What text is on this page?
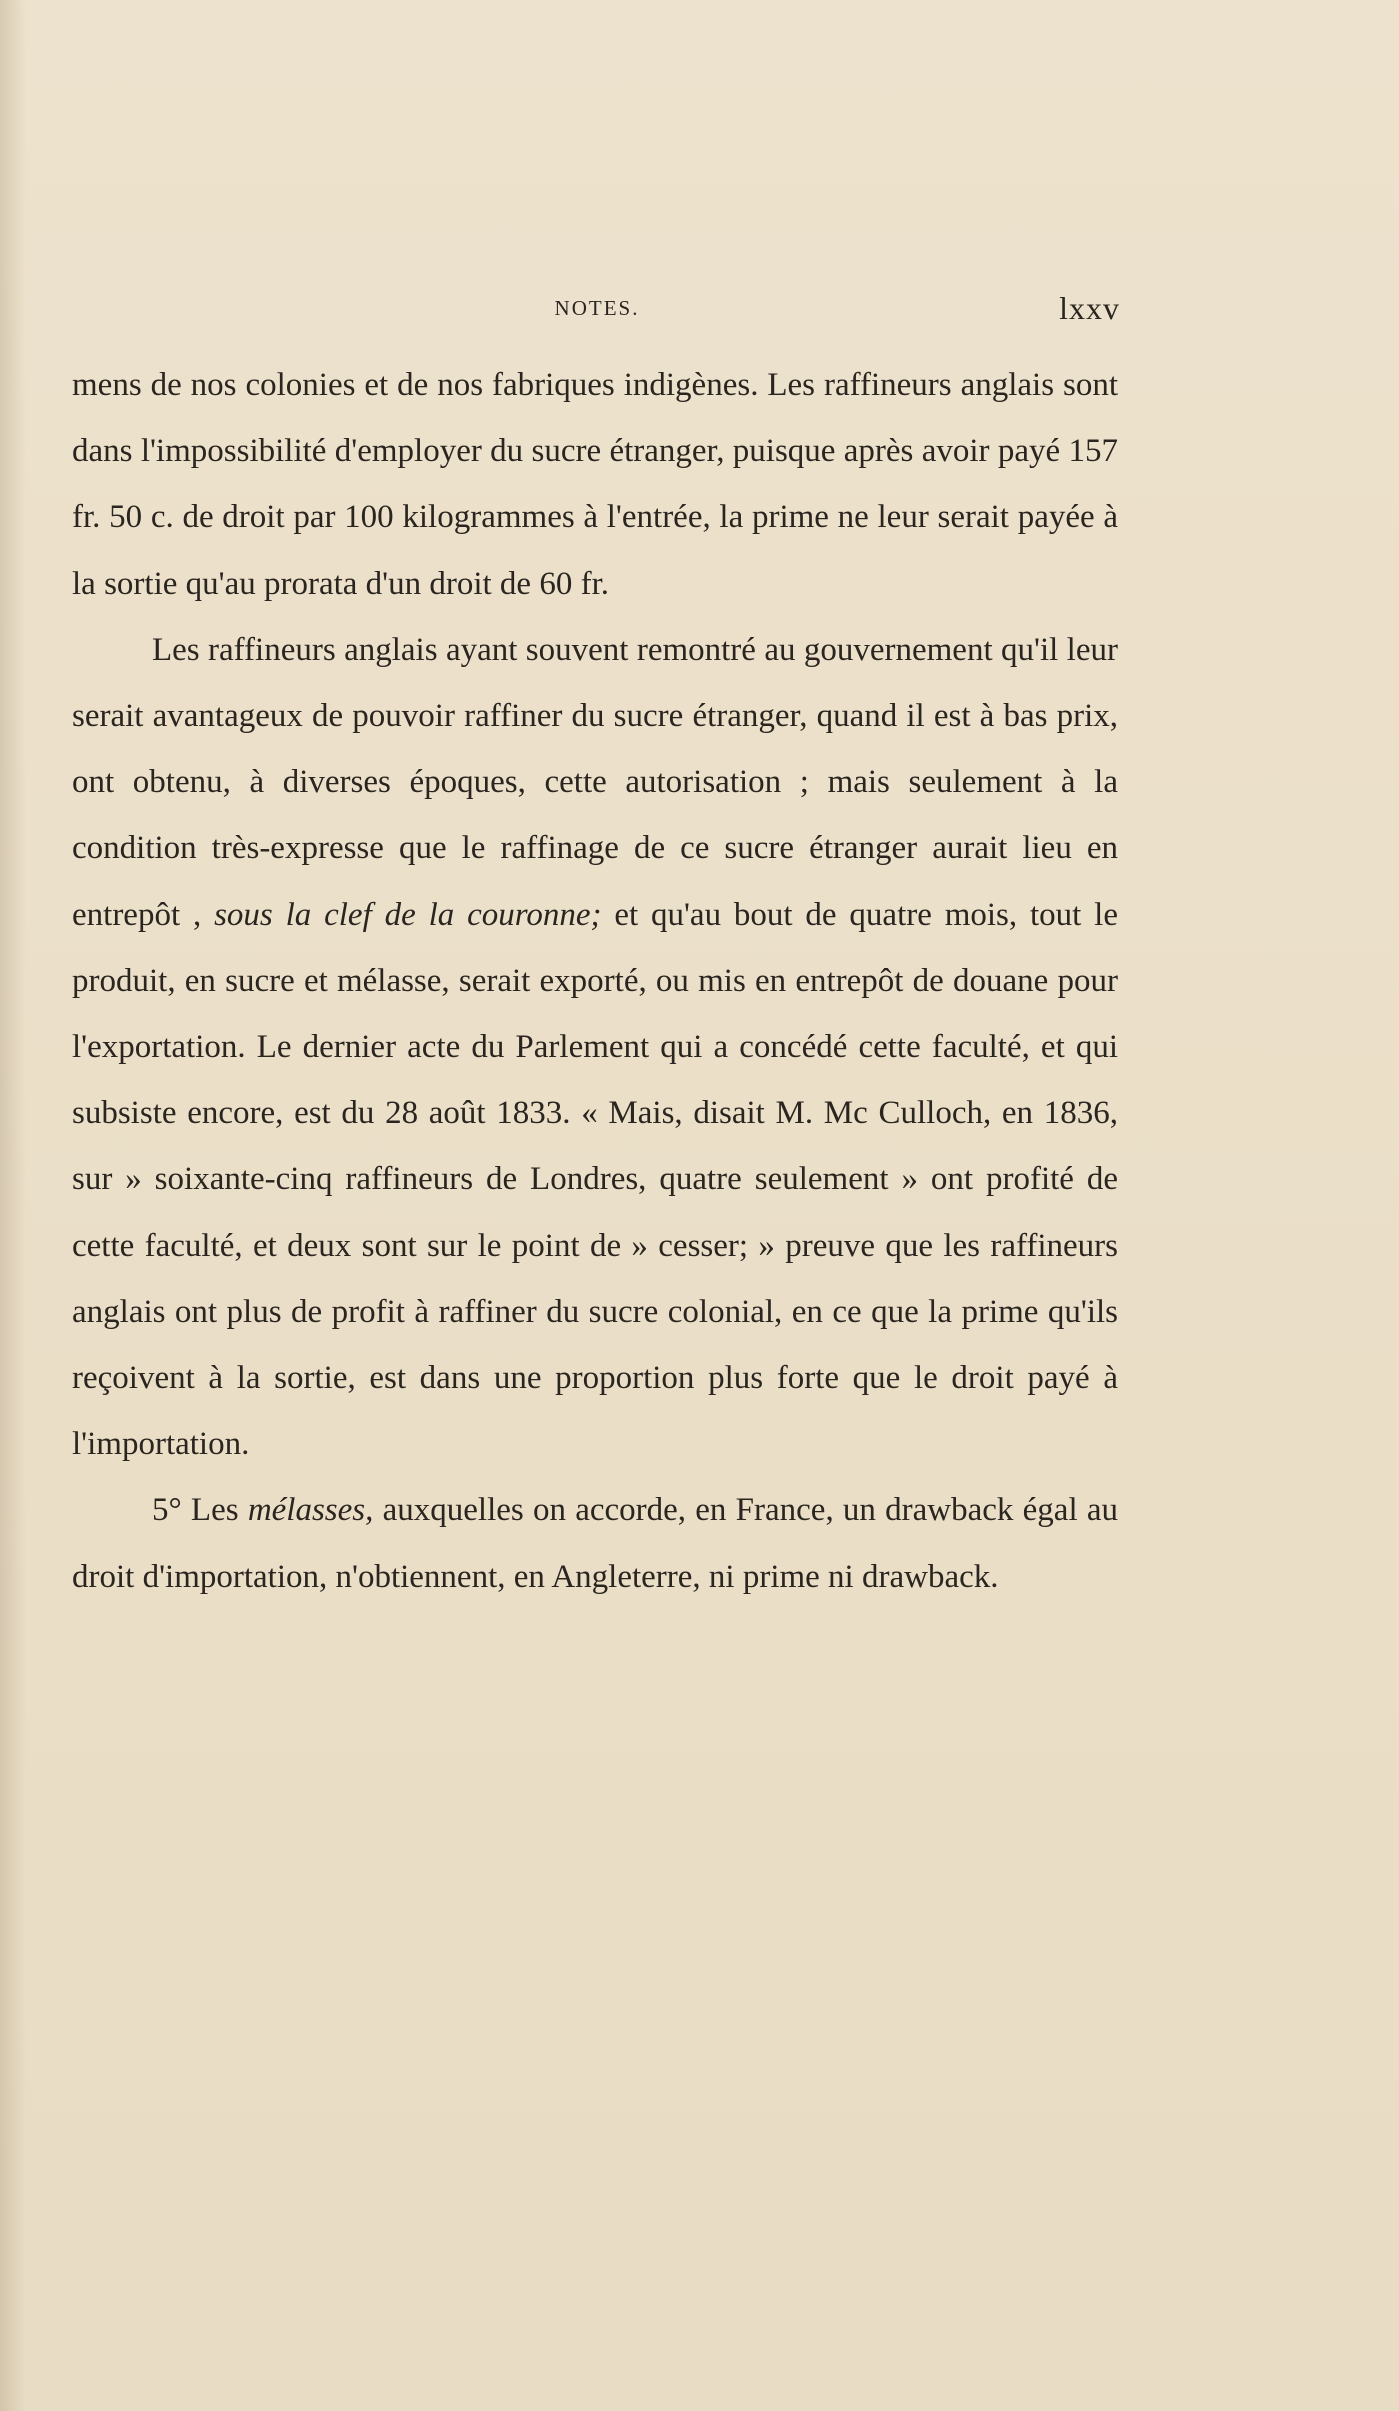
NOTES.	lxxv

mens de nos colonies et de nos fabriques indigènes. Les raffineurs anglais sont dans l'impossibilité d'employer du sucre étranger, puisque après avoir payé 157 fr. 50 c. de droit par 100 kilogrammes à l'entrée, la prime ne leur serait payée à la sortie qu'au prorata d'un droit de 60 fr.

Les raffineurs anglais ayant souvent remontré au gouvernement qu'il leur serait avantageux de pouvoir raffiner du sucre étranger, quand il est à bas prix, ont obtenu, à diverses époques, cette autorisation ; mais seulement à la condition très-expresse que le raffinage de ce sucre étranger aurait lieu en entrepôt , sous la clef de la couronne; et qu'au bout de quatre mois, tout le produit, en sucre et mélasse, serait exporté, ou mis en entrepôt de douane pour l'exportation. Le dernier acte du Parlement qui a concédé cette faculté, et qui subsiste encore, est du 28 août 1833. « Mais, disait M. Mc Culloch, en 1836, sur » soixante-cinq raffineurs de Londres, quatre seulement » ont profité de cette faculté, et deux sont sur le point de » cesser; » preuve que les raffineurs anglais ont plus de profit à raffiner du sucre colonial, en ce que la prime qu'ils reçoivent à la sortie, est dans une proportion plus forte que le droit payé à l'importation.

5° Les mélasses, auxquelles on accorde, en France, un drawback égal au droit d'importation, n'obtiennent, en Angleterre, ni prime ni drawback.
